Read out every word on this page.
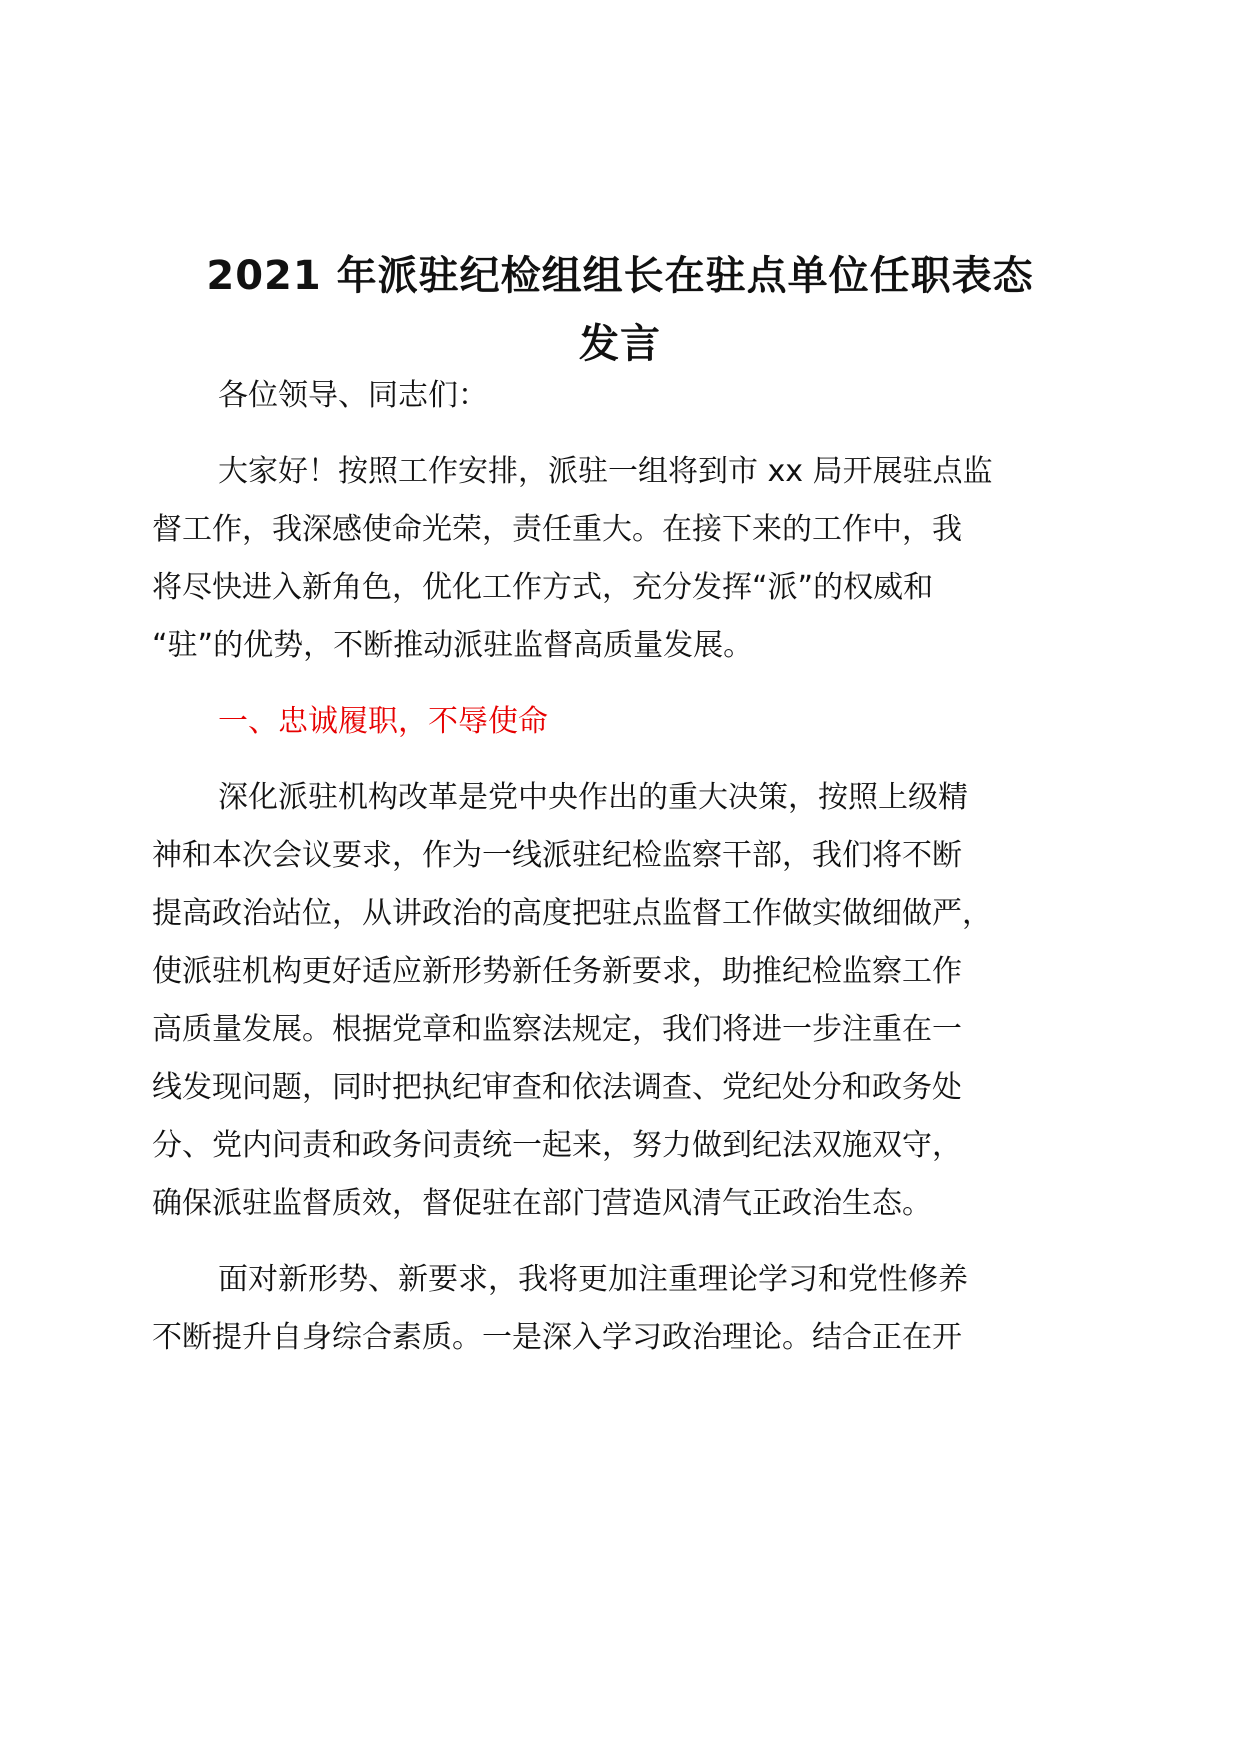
2021 年派驻纪检组组长在驻点单位任职表态
发言

各位领导、同志们：

大家好！按照工作安排，派驻一组将到市 xx 局开展驻点监

督工作，我深感使命光荣，责任重大。在接下来的工作中，我

将尽快进入新角色，优化工作方式，充分发挥“派”的权威和

“驻”的优势，不断推动派驻监督高质量发展。

一、忠诚履职，不辱使命

深化派驻机构改革是党中央作出的重大决策，按照上级精

神和本次会议要求，作为一线派驻纪检监察干部，我们将不断

提高政治站位，从讲政治的高度把驻点监督工作做实做细做严，

使派驻机构更好适应新形势新任务新要求，助推纪检监察工作

高质量发展。根据党章和监察法规定，我们将进一步注重在一

线发现问题，同时把执纪审查和依法调查、党纪处分和政务处

分、党内问责和政务问责统一起来，努力做到纪法双施双守，

确保派驻监督质效，督促驻在部门营造风清气正政治生态。

面对新形势、新要求，我将更加注重理论学习和党性修养

不断提升自身综合素质。一是深入学习政治理论。结合正在开
